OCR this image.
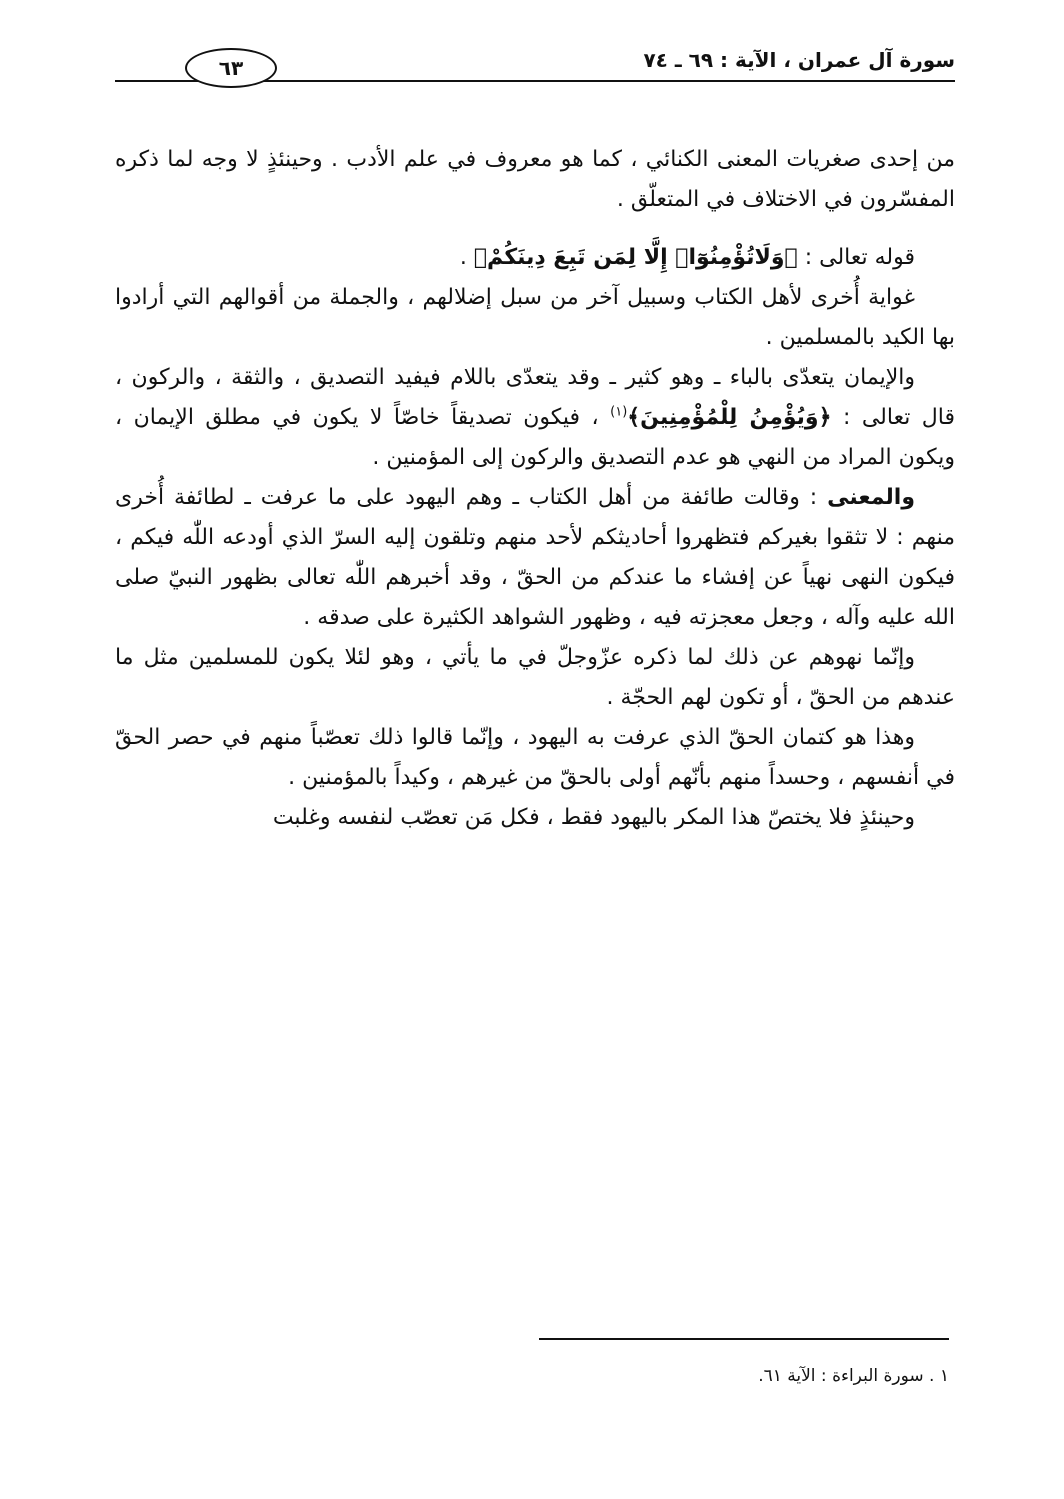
سورة آل عمران ، الآية : ٦٩ ـ ٧٤
٦٣

من إحدى صغريات المعنى الكنائي ، كما هو معروف في علم الأدب . وحينئذٍ لا وجه لما ذكره المفسّرون في الاختلاف في المتعلّق .

قوله تعالى : ﴿وَلَاتُؤْمِنُوٓا۟ إِلَّا لِمَن تَبِعَ دِينَكُمْ﴾ .

غواية أُخرى لأهل الكتاب وسبيل آخر من سبل إضلالهم ، والجملة من أقوالهم التي أرادوا بها الكيد بالمسلمين .

والإيمان يتعدّى بالباء ـ وهو كثير ـ وقد يتعدّى باللام فيفيد التصديق ، والثقة ، والركون ، قال تعالى : ﴿وَيُؤْمِنُ لِلْمُؤْمِنِينَ﴾$^{(١)}$ ، فيكون تصديقاً خاصّاً لا يكون في مطلق الإيمان ، ويكون المراد من النهي هو عدم التصديق والركون إلى المؤمنين .

والمعنى : وقالت طائفة من أهل الكتاب ـ وهم اليهود على ما عرفت ـ لطائفة أُخرى منهم : لا تثقوا بغيركم فتظهروا أحاديثكم لأحد منهم وتلقون إليه السرّ الذي أودعه اللّٰه فيكم ، فيكون النهى نهياً عن إفشاء ما عندكم من الحقّ ، وقد أخبرهم اللّٰه تعالى بظهور النبيّ صلى الله عليه وآله ، وجعل معجزته فيه ، وظهور الشواهد الكثيرة على صدقه .

وإنّما نهوهم عن ذلك لما ذكره عزّوجلّ في ما يأتي ، وهو لئلا يكون للمسلمين مثل ما عندهم من الحقّ ، أو تكون لهم الحجّة .

وهذا هو كتمان الحقّ الذي عرفت به اليهود ، وإنّما قالوا ذلك تعصّباً منهم في حصر الحقّ في أنفسهم ، وحسداً منهم بأنّهم أولى بالحقّ من غيرهم ، وكيداً بالمؤمنين .

وحينئذٍ فلا يختصّ هذا المكر باليهود فقط ، فكل مَن تعصّب لنفسه وغلبت

١ . سورة البراءة : الآية ٦١.
